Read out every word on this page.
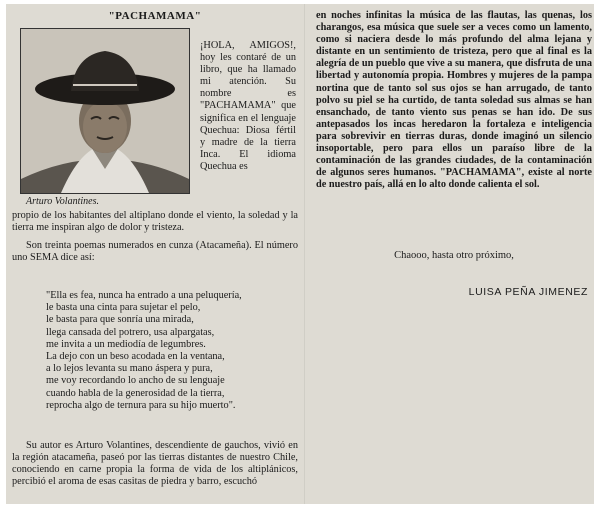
"PACHAMAMA"
Arturo Volantines.

¡HOLA, AMIGOS!, hoy les contaré de un libro, que ha llamado mi atención. Su nombre es "PACHAMAMA" que significa en el lenguaje Quechua: Diosa fértil y madre de la tierra Inca. El idioma Quechua es

propio de los habitantes del altiplano donde el viento, la soledad y la tierra me inspiran algo de dolor y tristeza.

Son treinta poemas numerados en cunza (Atacameña). El número uno SEMA dice así:

"Ella es fea, nunca ha entrado a una peluquería,
le basta una cinta para sujetar el pelo,
le basta para que sonría una mirada,
llega cansada del potrero, usa alpargatas,
me invita a un mediodía de legumbres.
La dejo con un beso acodada en la ventana,
a lo lejos levanta su mano áspera y pura,
me voy recordando lo ancho de su lenguaje
cuando habla de la generosidad de la tierra,
reprocha algo de ternura para su hijo muerto".

Su autor es Arturo Volantines, descendiente de gauchos, vivió en la región atacameña, paseó por las tierras distantes de nuestro Chile, conociendo en carne propia la forma de vida de los altiplánicos, percibió el aroma de esas casitas de piedra y barro, escuchó

en noches infinitas la música de las flautas, las quenas, los charangos, esa música que suele ser a veces como un lamento, como si naciera desde lo más profundo del alma lejana y distante en un sentimiento de tristeza, pero que al final es la alegría de un pueblo que vive a su manera, que disfruta de una libertad y autonomía propia. Hombres y mujeres de la pampa nortina que de tanto sol sus ojos se han arrugado, de tanto polvo su piel se ha curtido, de tanta soledad sus almas se han ensanchado, de tanto viento sus penas se han ido. De sus antepasados los incas heredaron la fortaleza e inteligencia para sobrevivir en tierras duras, donde imaginó un silencio insoportable, pero para ellos un paraíso libre de la contaminación de las grandes ciudades, de la contaminación de algunos seres humanos. "PACHAMAMA", existe al norte de nuestro país, allá en lo alto donde calienta el sol.

Chaooo, hasta otro próximo,
LUISA PEÑA JIMENEZ
